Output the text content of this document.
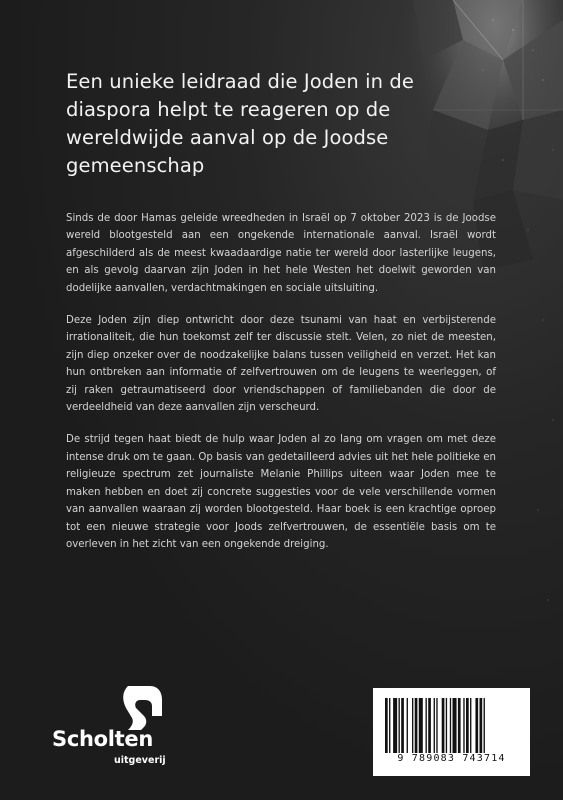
Een unieke leidraad die Joden in de diaspora helpt te reageren op de wereldwijde aanval op de Joodse gemeenschap

Sinds de door Hamas geleide wreedheden in Israël op 7 oktober 2023 is de Joodse wereld blootgesteld aan een ongekende internationale aanval. Israël wordt afgeschilderd als de meest kwaadaardige natie ter wereld door lasterlijke leugens, en als gevolg daarvan zijn Joden in het hele Westen het doelwit geworden van dodelijke aanvallen, verdachtmakingen en sociale uitsluiting.

Deze Joden zijn diep ontwricht door deze tsunami van haat en verbijsterende irrationaliteit, die hun toekomst zelf ter discussie stelt. Velen, zo niet de meesten, zijn diep onzeker over de noodzakelijke balans tussen veiligheid en verzet. Het kan hun ontbreken aan informatie of zelfvertrouwen om de leugens te weerleggen, of zij raken getraumatiseerd door vriendschappen of familiebanden die door de verdeeldheid van deze aanvallen zijn verscheurd.

De strijd tegen haat biedt de hulp waar Joden al zo lang om vragen om met deze intense druk om te gaan. Op basis van gedetailleerd advies uit het hele politieke en religieuze spectrum zet journaliste Melanie Phillips uiteen waar Joden mee te maken hebben en doet zij concrete suggesties voor de vele verschillende vormen van aanvallen waaraan zij worden blootgesteld. Haar boek is een krachtige oproep tot een nieuwe strategie voor Joods zelfvertrouwen, de essentiële basis om te overleven in het zicht van een ongekende dreiging.

Scholten
uitgeverij	9 789083 743714
